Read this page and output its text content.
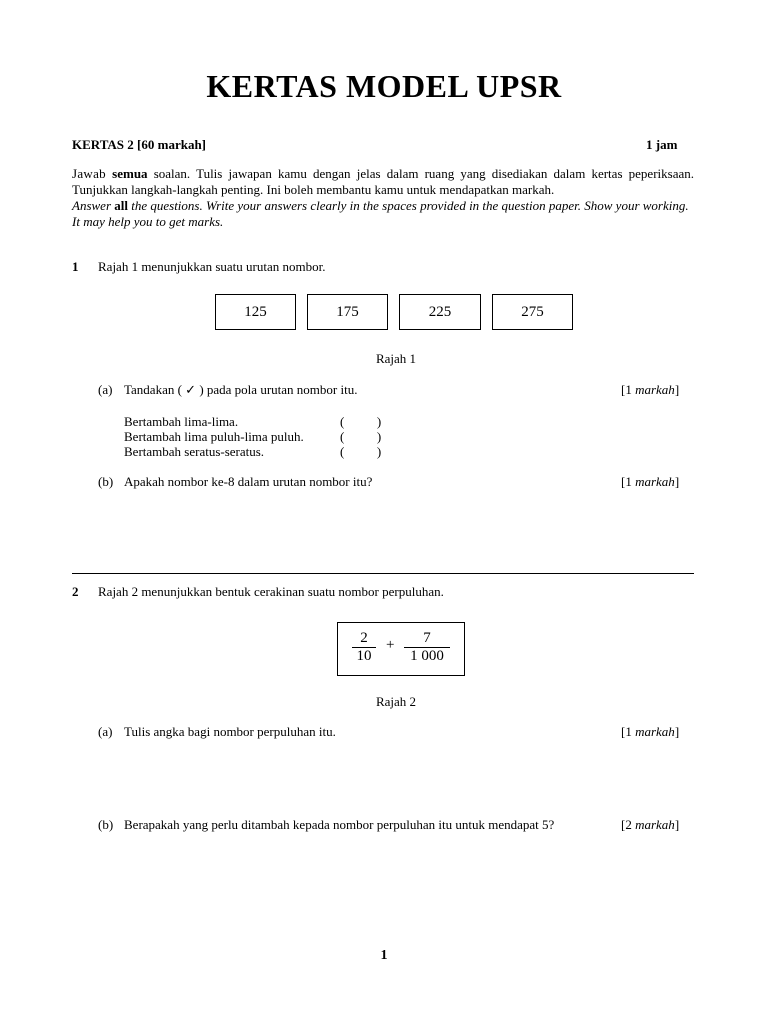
KERTAS MODEL UPSR
KERTAS 2 [60 markah]	1 jam
Jawab semua soalan. Tulis jawapan kamu dengan jelas dalam ruang yang disediakan dalam kertas peperiksaan. Tunjukkan langkah-langkah penting. Ini boleh membantu kamu untuk mendapatkan markah.
Answer all the questions. Write your answers clearly in the spaces provided in the question paper. Show your working. It may help you to get marks.
1 Rajah 1 menunjukkan suatu urutan nombor.
125	175	225	275
Rajah 1
(a) Tandakan ( ✓ ) pada pola urutan nombor itu.	[1 markah]
Bertambah lima-lima.	(          )
Bertambah lima puluh-lima puluh.	(          )
Bertambah seratus-seratus.	(          )
(b) Apakah nombor ke-8 dalam urutan nombor itu?	[1 markah]
2 Rajah 2 menunjukkan bentuk cerakinan suatu nombor perpuluhan.
2
10
+ 7
1 000
Rajah 2
(a) Tulis angka bagi nombor perpuluhan itu.	[1 markah]
(b) Berapakah yang perlu ditambah kepada nombor perpuluhan itu untuk mendapat 5?	[2 markah]
1
